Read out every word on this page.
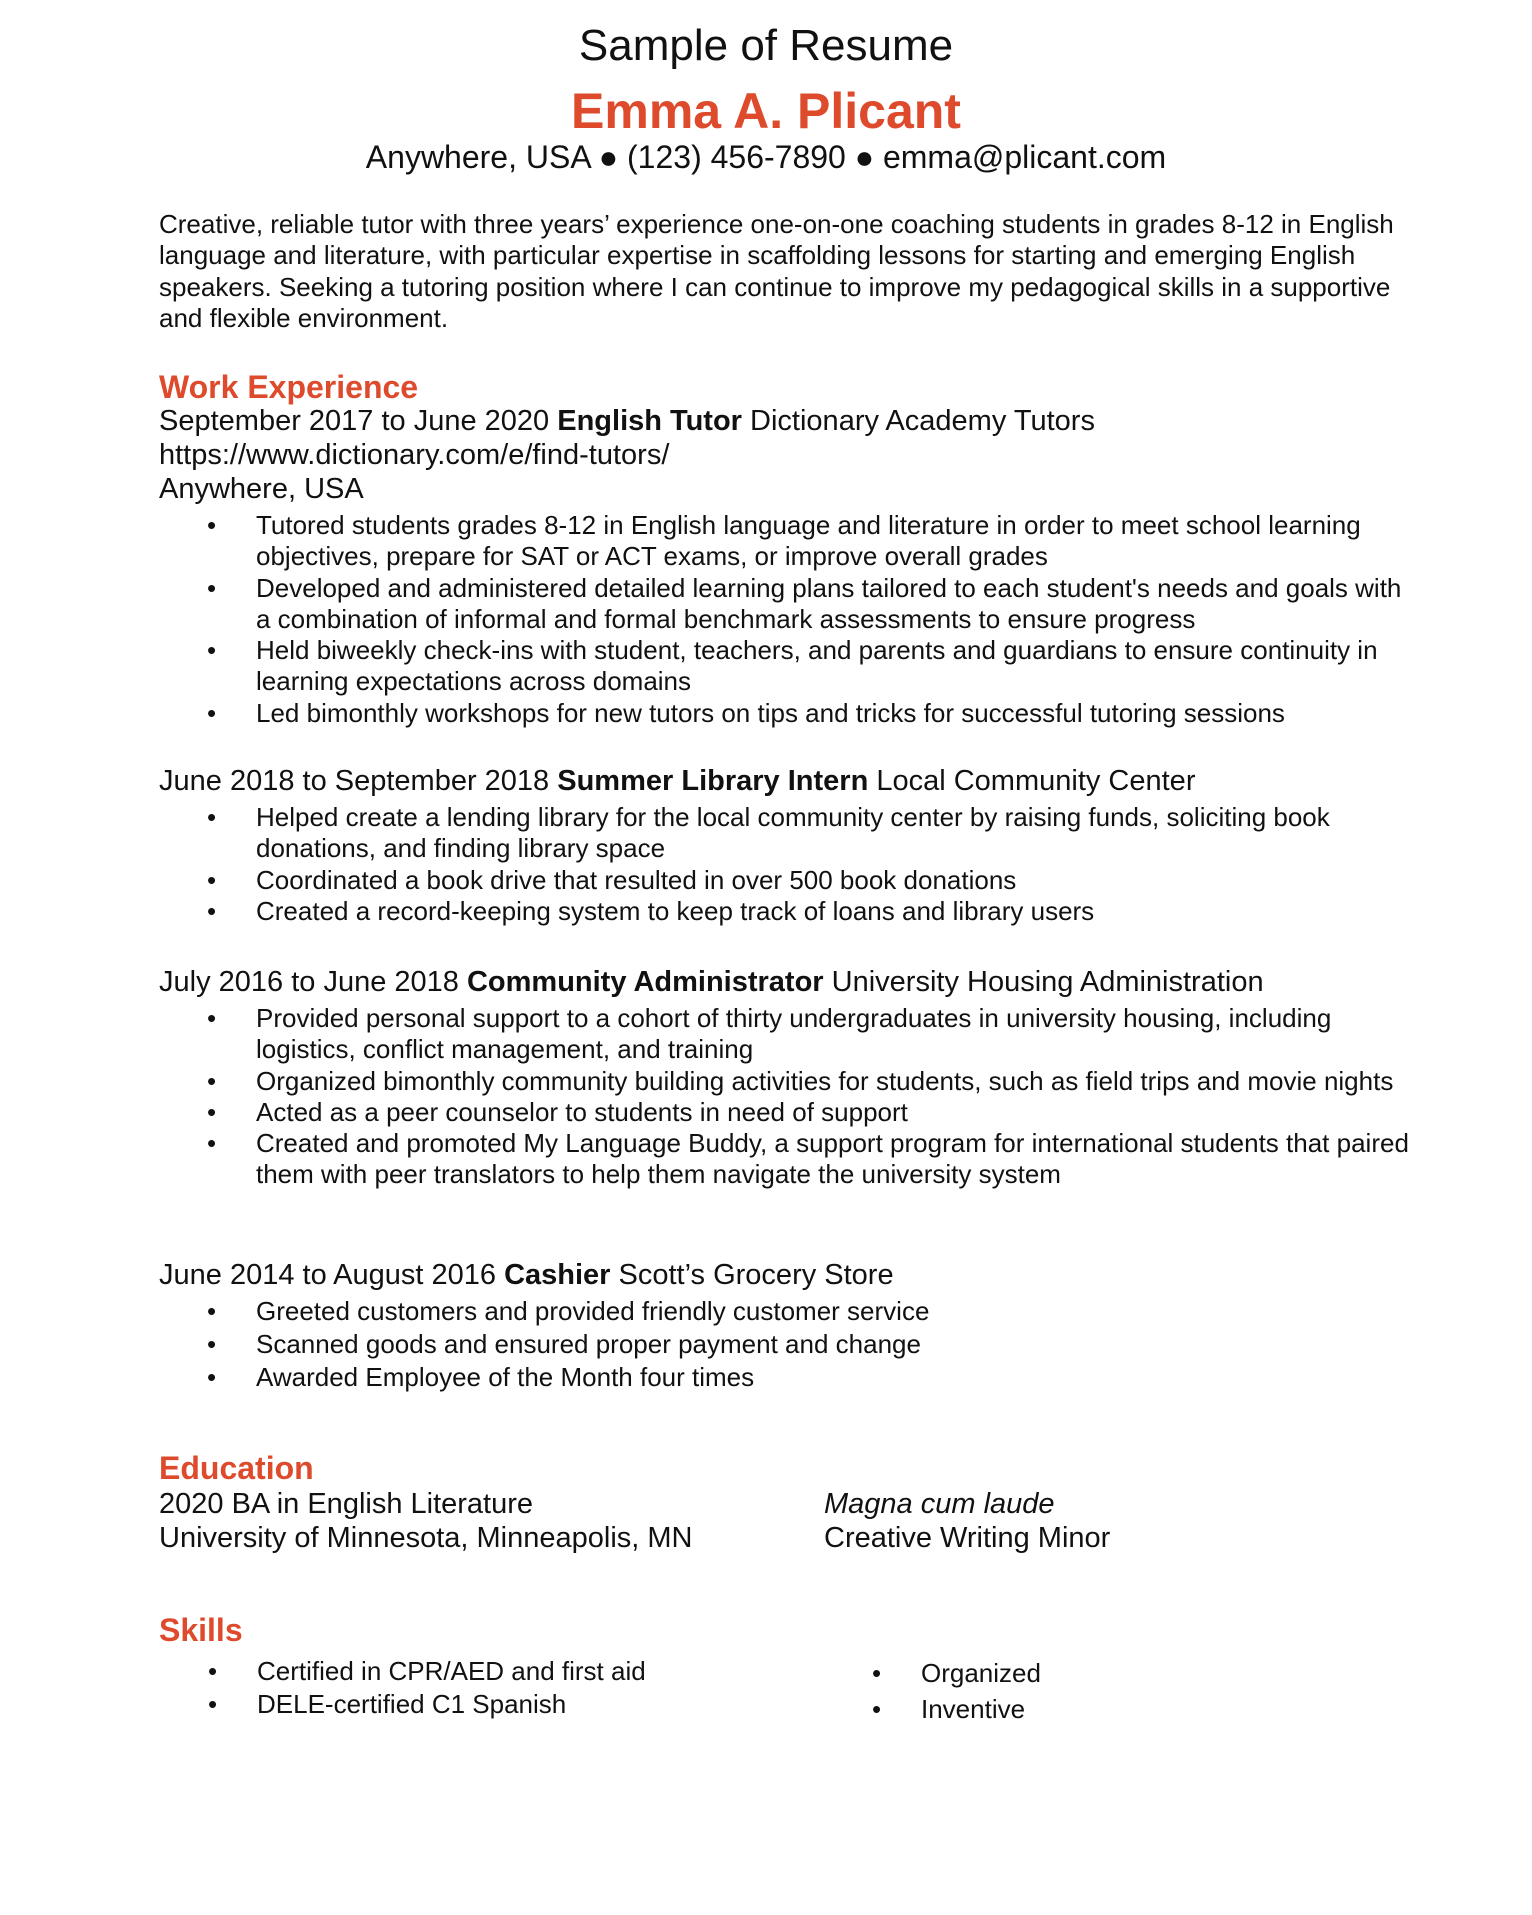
Sample of Resume
Emma A. Plicant
Anywhere, USA ● (123) 456-7890 ● emma@plicant.com
Creative, reliable tutor with three years’ experience one-on-one coaching students in grades 8-12 in English language and literature, with particular expertise in scaffolding lessons for starting and emerging English speakers. Seeking a tutoring position where I can continue to improve my pedagogical skills in a supportive and flexible environment.
Work Experience
September 2017 to June 2020 English Tutor Dictionary Academy Tutors
https://www.dictionary.com/e/find-tutors/
Anywhere, USA
• Tutored students grades 8-12 in English language and literature in order to meet school learning objectives, prepare for SAT or ACT exams, or improve overall grades
• Developed and administered detailed learning plans tailored to each student's needs and goals with a combination of informal and formal benchmark assessments to ensure progress
• Held biweekly check-ins with student, teachers, and parents and guardians to ensure continuity in learning expectations across domains
• Led bimonthly workshops for new tutors on tips and tricks for successful tutoring sessions
June 2018 to September 2018 Summer Library Intern Local Community Center
• Helped create a lending library for the local community center by raising funds, soliciting book donations, and finding library space
• Coordinated a book drive that resulted in over 500 book donations
• Created a record-keeping system to keep track of loans and library users
July 2016 to June 2018 Community Administrator University Housing Administration
• Provided personal support to a cohort of thirty undergraduates in university housing, including logistics, conflict management, and training
• Organized bimonthly community building activities for students, such as field trips and movie nights
• Acted as a peer counselor to students in need of support
• Created and promoted My Language Buddy, a support program for international students that paired them with peer translators to help them navigate the university system
June 2014 to August 2016 Cashier Scott’s Grocery Store
• Greeted customers and provided friendly customer service
• Scanned goods and ensured proper payment and change
• Awarded Employee of the Month four times
Education
2020 BA in English Literature
University of Minnesota, Minneapolis, MN
Magna cum laude
Creative Writing Minor
Skills
• Certified in CPR/AED and first aid
• DELE-certified C1 Spanish
• Organized
• Inventive
